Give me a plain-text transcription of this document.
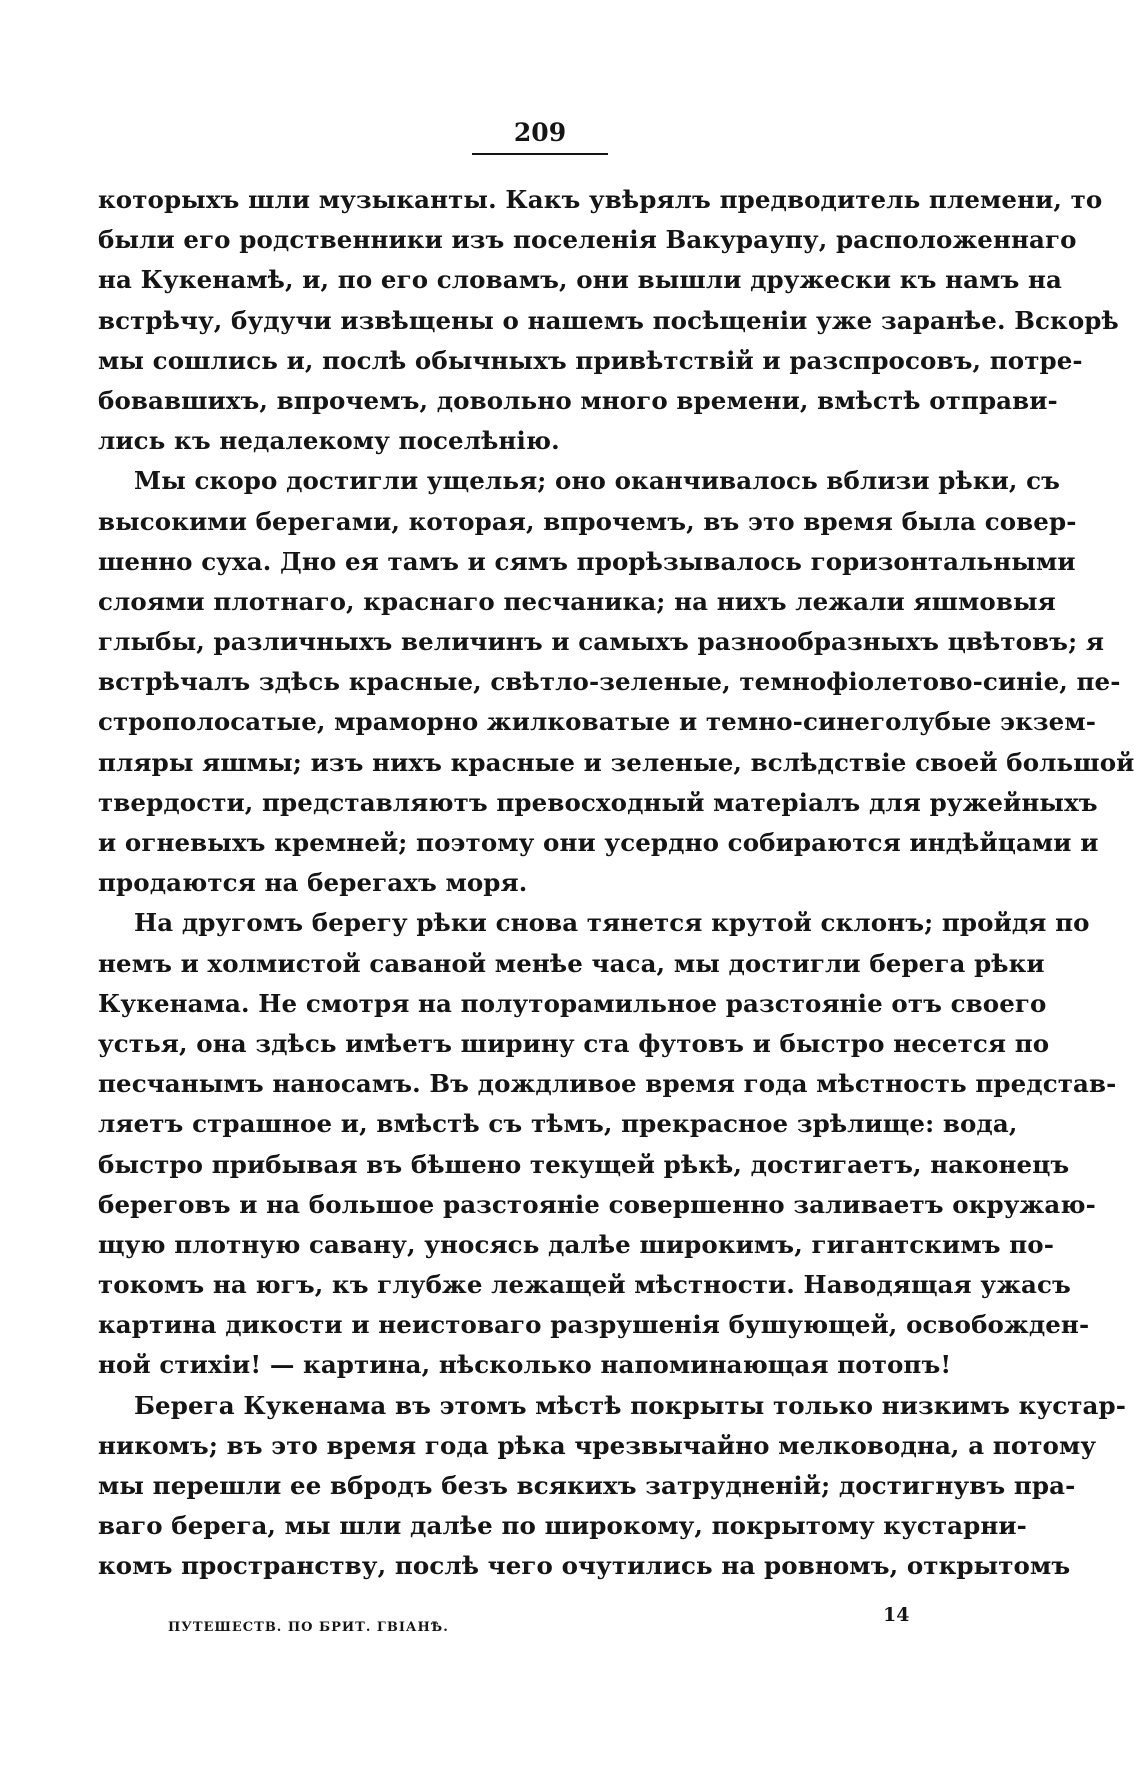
209
которыхъ шли музыканты. Какъ увѣрялъ предводитель племени, то
были его родственники изъ поселенія Вакураупу, расположеннаго
на Кукенамѣ, и, по его словамъ, они вышли дружески къ намъ на
встрѣчу, будучи извѣщены о нашемъ посѣщеніи уже заранѣе. Вскорѣ
мы сошлись и, послѣ обычныхъ привѣтствій и разспросовъ, потре-
бовавшихъ, впрочемъ, довольно много времени, вмѣстѣ отправи-
лись къ недалекому поселѣнію.
Мы скоро достигли ущелья; оно оканчивалось вблизи рѣки, съ
высокими берегами, которая, впрочемъ, въ это время была совер-
шенно суха. Дно ея тамъ и сямъ прорѣзывалось горизонтальными
слоями плотнаго, краснаго песчаника; на нихъ лежали яшмовыя
глыбы, различныхъ величинъ и самыхъ разнообразныхъ цвѣтовъ; я
встрѣчалъ здѣсь красные, свѣтло-зеленые, темнофіолетово-синіе, пе-
строполосатые, мраморно жилковатые и темно-синеголубые экзем-
пляры яшмы; изъ нихъ красные и зеленые, вслѣдствіе своей большой
твердости, представляютъ превосходный матеріалъ для ружейныхъ
и огневыхъ кремней; поэтому они усердно собираются индѣйцами и
продаются на берегахъ моря.
На другомъ берегу рѣки снова тянется крутой склонъ; пройдя по
немъ и холмистой саваной менѣе часа, мы достигли берега рѣки
Кукенама. Не смотря на полуторамильное разстояніе отъ своего
устья, она здѣсь имѣетъ ширину ста футовъ и быстро несется по
песчанымъ наносамъ. Въ дождливое время года мѣстность представ-
ляетъ страшное и, вмѣстѣ съ тѣмъ, прекрасное зрѣлище: вода,
быстро прибывая въ бѣшено текущей рѣкѣ, достигаетъ, наконецъ
береговъ и на большое разстояніе совершенно заливаетъ окружаю-
щую плотную савану, уносясь далѣе широкимъ, гигантскимъ по-
токомъ на югъ, къ глубже лежащей мѣстности. Наводящая ужасъ
картина дикости и неистоваго разрушенія бушующей, освобожден-
ной стихіи! — картина, нѣсколько напоминающая потопъ!
Берега Кукенама въ этомъ мѣстѣ покрыты только низкимъ кустар-
никомъ; въ это время года рѣка чрезвычайно мелководна, а потому
мы перешли ее вбродъ безъ всякихъ затрудненій; достигнувъ пра-
ваго берега, мы шли далѣе по широкому, покрытому кустарни-
комъ пространству, послѣ чего очутились на ровномъ, открытомъ
ПУТЕШЕСТВ. ПО БРИТ. ГВІАНѢ.
14
